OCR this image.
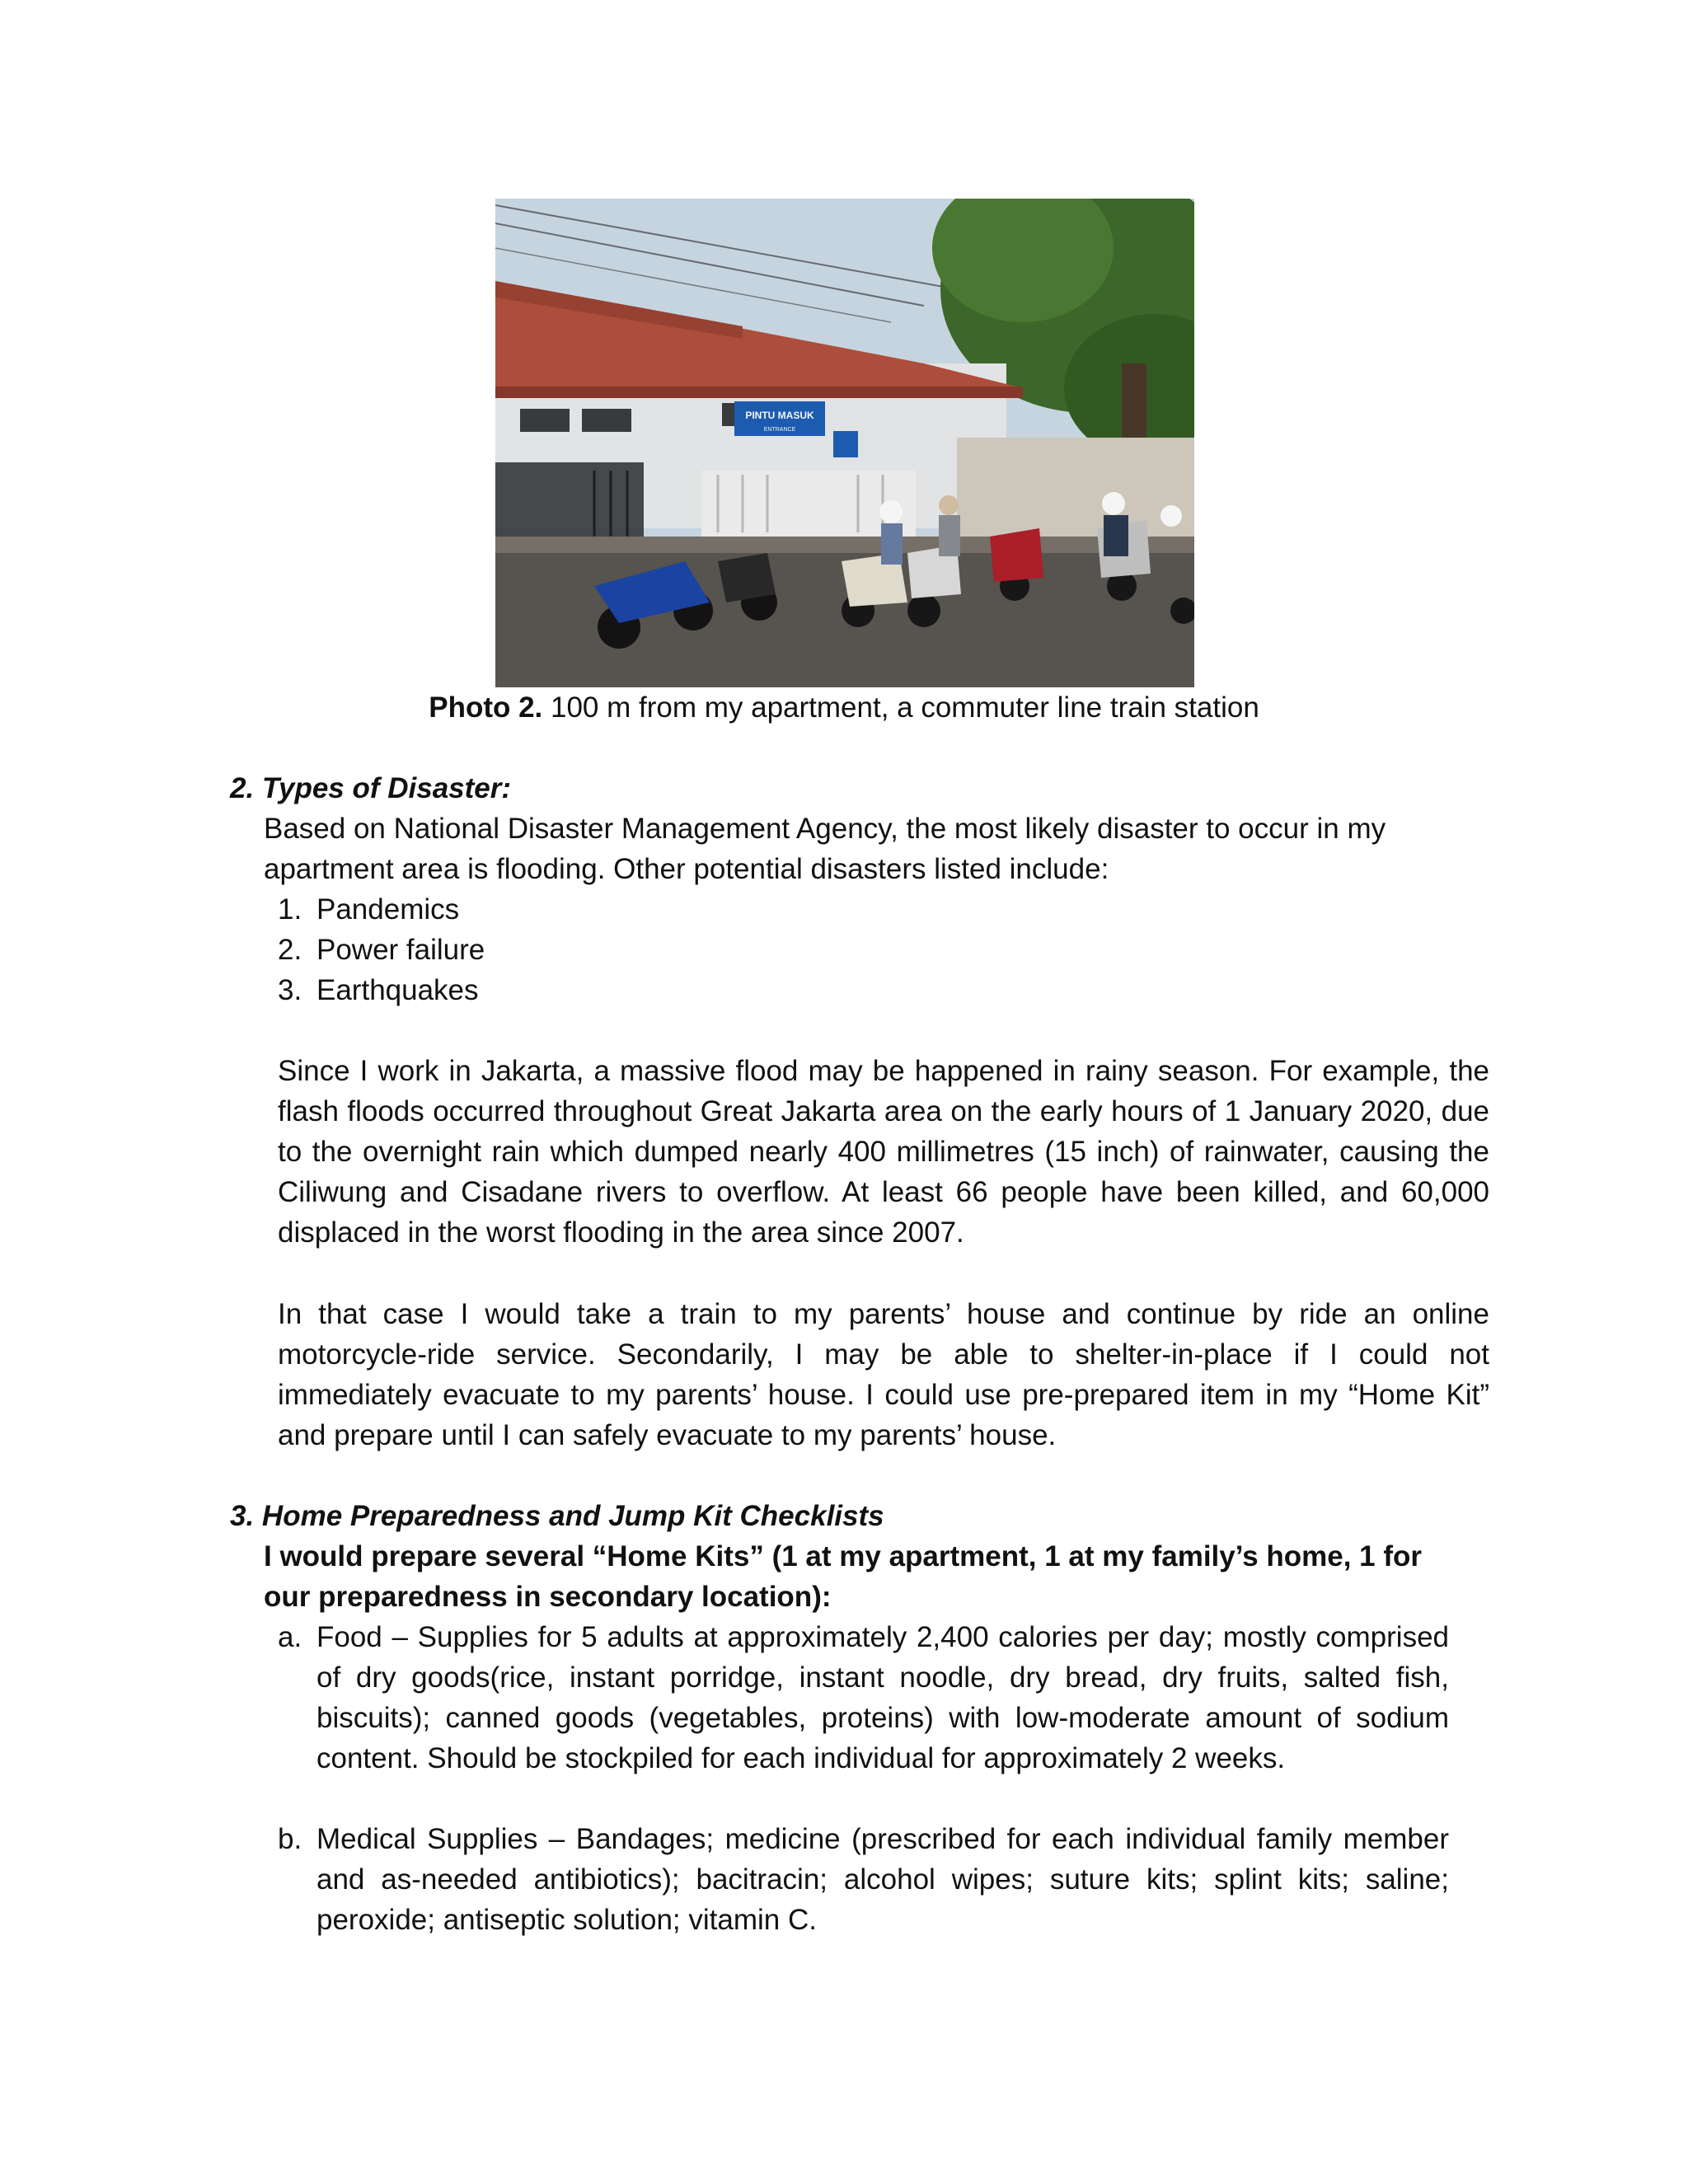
PINTU MASUK
ENTRANCE
Photo 2. 100 m from my apartment, a commuter line train station
2. Types of Disaster:
Based on National Disaster Management Agency, the most likely disaster to occur in my apartment area is flooding. Other potential disasters listed include:
1. Pandemics
2. Power failure
3. Earthquakes
Since I work in Jakarta, a massive flood may be happened in rainy season. For example, the flash floods occurred throughout Great Jakarta area on the early hours of 1 January 2020, due to the overnight rain which dumped nearly 400 millimetres (15 inch) of rainwater, causing the Ciliwung and Cisadane rivers to overflow. At least 66 people have been killed, and 60,000 displaced in the worst flooding in the area since 2007.
In that case I would take a train to my parents’ house and continue by ride an online motorcycle-ride service. Secondarily, I may be able to shelter-in-place if I could not immediately evacuate to my parents’ house. I could use pre-prepared item in my “Home Kit” and prepare until I can safely evacuate to my parents’ house.
3. Home Preparedness and Jump Kit Checklists
I would prepare several “Home Kits” (1 at my apartment, 1 at my family’s home, 1 for our preparedness in secondary location):
a. Food – Supplies for 5 adults at approximately 2,400 calories per day; mostly comprised of dry goods(rice, instant porridge, instant noodle, dry bread, dry fruits, salted fish, biscuits); canned goods (vegetables, proteins) with low-moderate amount of sodium content. Should be stockpiled for each individual for approximately 2 weeks.
b. Medical Supplies – Bandages; medicine (prescribed for each individual family member and as-needed antibiotics); bacitracin; alcohol wipes; suture kits; splint kits; saline; peroxide; antiseptic solution; vitamin C.
